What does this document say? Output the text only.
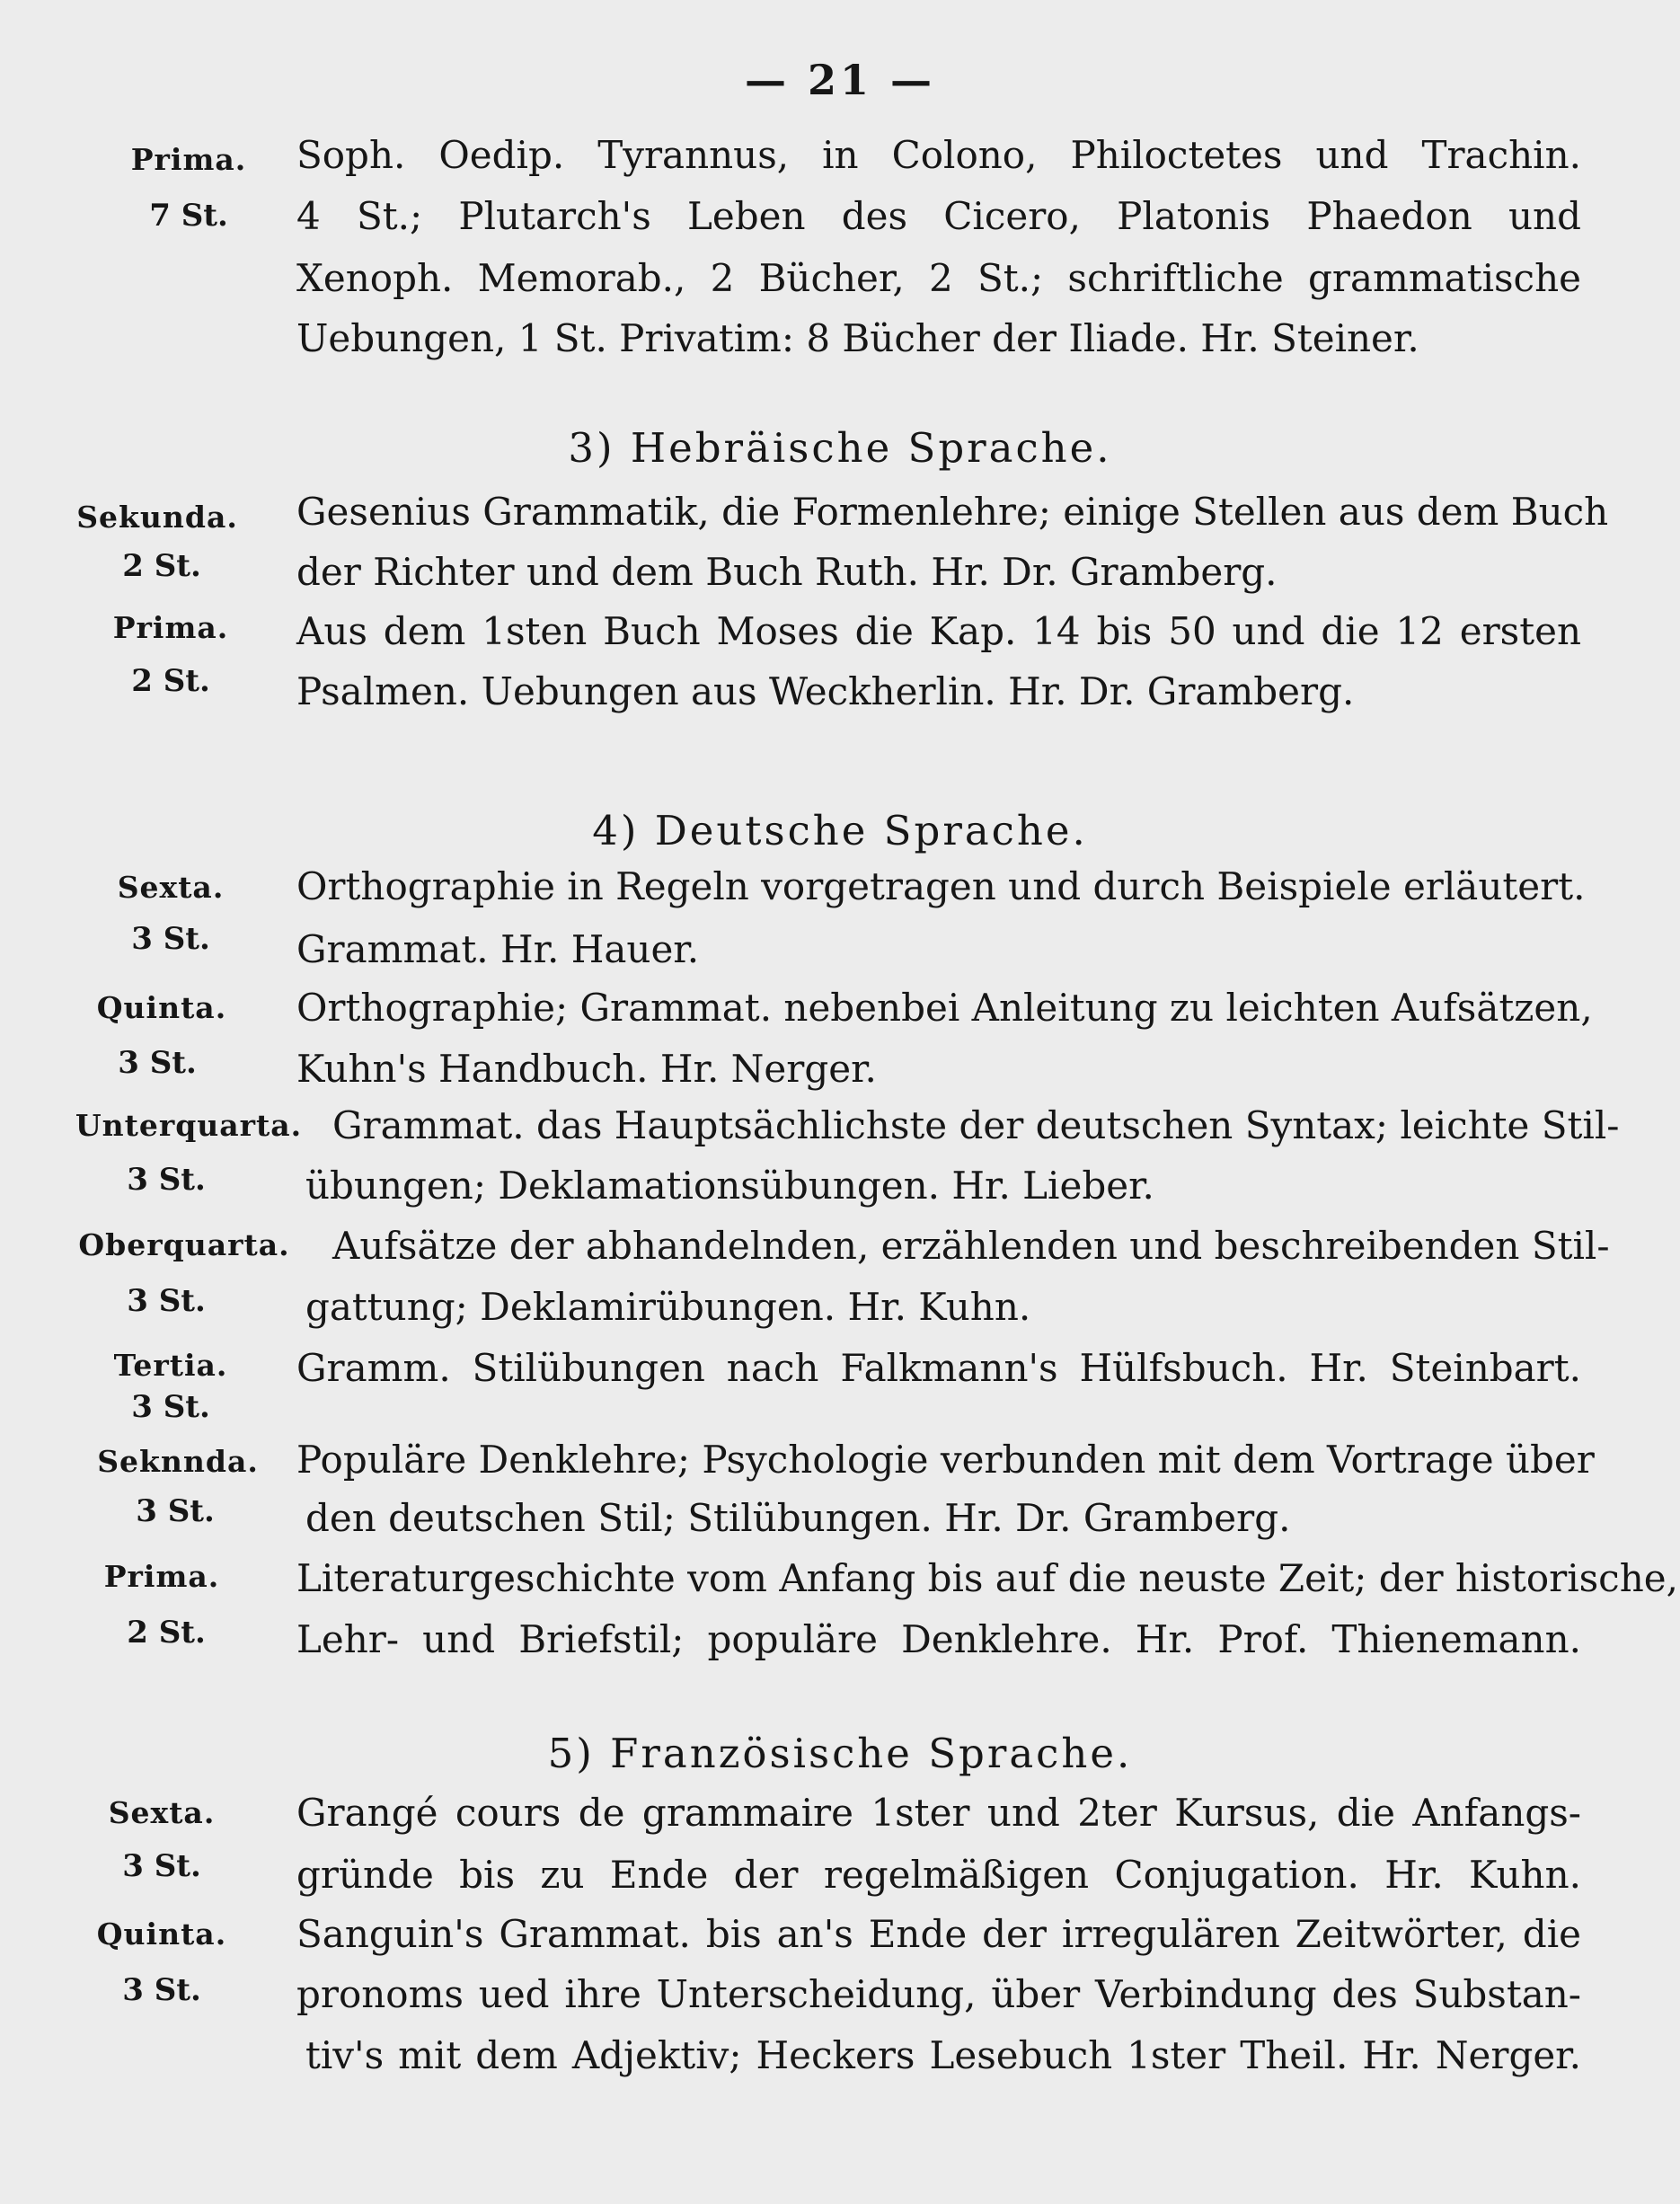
— 21 —
Prima.
7 St.
Soph. Oedip. Tyrannus, in Colono, Philoctetes und Trachin.
4 St.; Plutarch's Leben des Cicero, Platonis Phaedon und
Xenoph. Memorab., 2 Bücher, 2 St.; schriftliche grammatische
Uebungen, 1 St. Privatim: 8 Bücher der Iliade. Hr. Steiner.
3) Hebräische Sprache.
Sekunda.
2 St.
Gesenius Grammatik, die Formenlehre; einige Stellen aus dem Buch
der Richter und dem Buch Ruth. Hr. Dr. Gramberg.
Prima.
2 St.
Aus dem 1sten Buch Moses die Kap. 14 bis 50 und die 12 ersten
Psalmen. Uebungen aus Weckherlin. Hr. Dr. Gramberg.
4) Deutsche Sprache.
Sexta.
3 St.
Orthographie in Regeln vorgetragen und durch Beispiele erläutert.
Grammat. Hr. Hauer.
Quinta.
3 St.
Orthographie; Grammat. nebenbei Anleitung zu leichten Aufsätzen,
Kuhn's Handbuch. Hr. Nerger.
Unterquarta.
3 St.
Grammat. das Hauptsächlichste der deutschen Syntax; leichte Stil-
übungen; Deklamationsübungen. Hr. Lieber.
Oberquarta.
3 St.
Aufsätze der abhandelnden, erzählenden und beschreibenden Stil-
gattung; Deklamirübungen. Hr. Kuhn.
Tertia.
3 St.
Gramm. Stilübungen nach Falkmann's Hülfsbuch. Hr. Steinbart.
Seknnda.
3 St.
Populäre Denklehre; Psychologie verbunden mit dem Vortrage über
den deutschen Stil; Stilübungen. Hr. Dr. Gramberg.
Prima.
2 St.
Literaturgeschichte vom Anfang bis auf die neuste Zeit; der historische,
Lehr- und Briefstil; populäre Denklehre. Hr. Prof. Thienemann.
5) Französische Sprache.
Sexta.
3 St.
Grangé cours de grammaire 1ster und 2ter Kursus, die Anfangs-
gründe bis zu Ende der regelmäßigen Conjugation. Hr. Kuhn.
Quinta.
3 St.
Sanguin's Grammat. bis an's Ende der irregulären Zeitwörter, die
pronoms ued ihre Unterscheidung, über Verbindung des Substan-
tiv's mit dem Adjektiv; Heckers Lesebuch 1ster Theil. Hr. Nerger.
